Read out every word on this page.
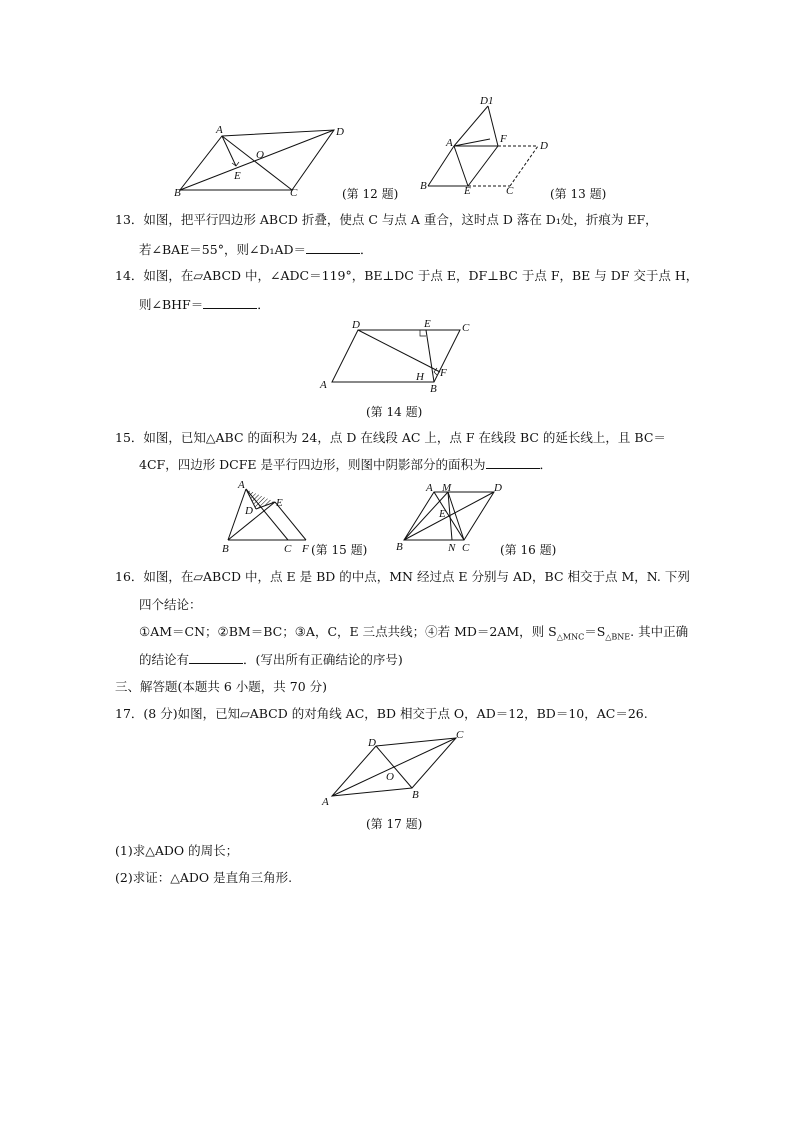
A	D
O
E
B	C	(第 12 题)
D1
A	F
D
B	E	C	(第 13 题)
13．如图，把平行四边形 ABCD 折叠，使点 C 与点 A 重合，这时点 D 落在 D₁处，折痕为 EF，
若∠BAE＝55°，则∠D₁AD＝	．
14．如图，在▱ABCD 中，∠ADC＝119°，BE⊥DC 于点 E，DF⊥BC 于点 F，BE 与 DF 交于点 H，
则∠BHF＝	．
D	E	C
H F
A	B
(第 14 题)
15．如图，已知△ABC 的面积为 24，点 D 在线段 AC 上，点 F 在线段 BC 的延长线上，且 BC＝
4CF，四边形 DCFE 是平行四边形，则图中阴影部分的面积为	．
A
E
D
B	C F (第 15 题)
A M	D
E
B	N C	(第 16 题)
16．如图，在▱ABCD 中，点 E 是 BD 的中点，MN 经过点 E 分别与 AD，BC 相交于点 M，N. 下列
四个结论：
①AM＝CN；②BM＝BC；③A，C，E 三点共线；④若 MD＝2AM，则 $S_{\triangle MNC}=S_{\triangle BNE}$. 其中正确
的结论有	．(写出所有正确结论的序号)
三、解答题(本题共 6 小题，共 70 分)
17．(8 分)如图，已知▱ABCD 的对角线 AC，BD 相交于点 O，AD＝12，BD＝10，AC＝26.
D
C
O
A
B
(第 17 题)
(1)求△ADO 的周长；
(2)求证：△ADO 是直角三角形.
